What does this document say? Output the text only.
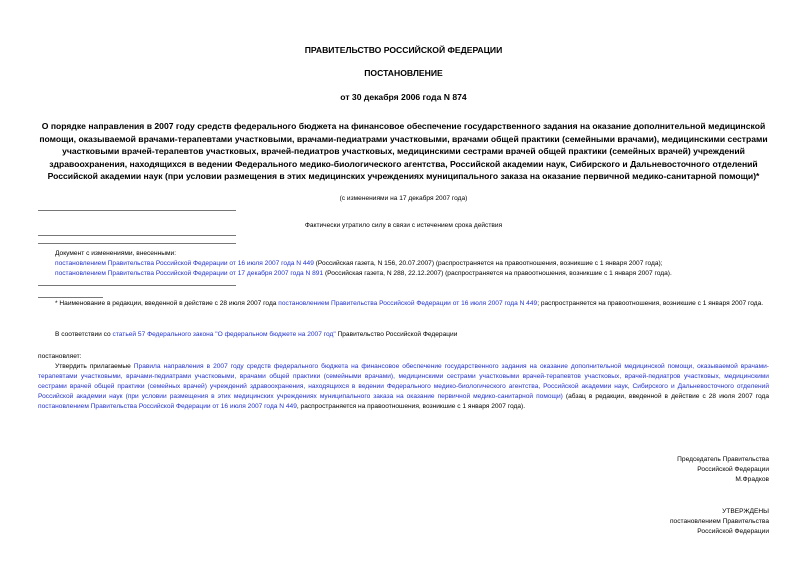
ПРАВИТЕЛЬСТВО РОССИЙСКОЙ ФЕДЕРАЦИИ
ПОСТАНОВЛЕНИЕ
от 30 декабря 2006 года N 874
О порядке направления в 2007 году средств федерального бюджета на финансовое обеспечение государственного задания на оказание дополнительной медицинской помощи, оказываемой врачами-терапевтами участковыми, врачами-педиатрами участковыми, врачами общей практики (семейными врачами), медицинскими сестрами участковыми врачей-терапевтов участковых, врачей-педиатров участковых, медицинскими сестрами врачей общей практики (семейных врачей) учреждений здравоохранения, находящихся в ведении Федерального медико-биологического агентства, Российской академии наук, Сибирского и Дальневосточного отделений Российской академии наук (при условии размещения в этих медицинских учреждениях муниципального заказа на оказание первичной медико-санитарной помощи)*
(с изменениями на 17 декабря 2007 года)
Фактически утратило силу в связи с истечением срока действия
Документ с изменениями, внесенными:
постановлением Правительства Российской Федерации от 16 июля 2007 года N 449 (Российская газета, N 156, 20.07.2007) (распространяется на правоотношения, возникшие с 1 января 2007 года);
постановлением Правительства Российской Федерации от 17 декабря 2007 года N 891 (Российская газета, N 288, 22.12.2007) (распространяется на правоотношения, возникшие с 1 января 2007 года).
* Наименование в редакции, введенной в действие с 28 июля 2007 года постановлением Правительства Российской Федерации от 16 июля 2007 года N 449; распространяется на правоотношения, возникшие с 1 января 2007 года.
В соответствии со статьей 57 Федерального закона "О федеральном бюджете на 2007 год" Правительство Российской Федерации
постановляет:
Утвердить прилагаемые Правила направления в 2007 году средств федерального бюджета на финансовое обеспечение государственного задания на оказание дополнительной медицинской помощи, оказываемой врачами-терапевтами участковыми, врачами-педиатрами участковыми, врачами общей практики (семейными врачами), медицинскими сестрами участковыми врачей-терапевтов участковых, врачей-педиатров участковых, медицинскими сестрами врачей общей практики (семейных врачей) учреждений здравоохранения, находящихся в ведении Федерального медико-биологического агентства, Российской академии наук, Сибирского и Дальневосточного отделений Российской академии наук (при условии размещения в этих медицинских учреждениях муниципального заказа на оказание первичной медико-санитарной помощи) (абзац в редакции, введенной в действие с 28 июля 2007 года постановлением Правительства Российской Федерации от 16 июля 2007 года N 449, распространяется на правоотношения, возникшие с 1 января 2007 года).
Председатель Правительства
Российской Федерации
М.Фрадков
УТВЕРЖДЕНЫ
постановлением Правительства
Российской Федерации
